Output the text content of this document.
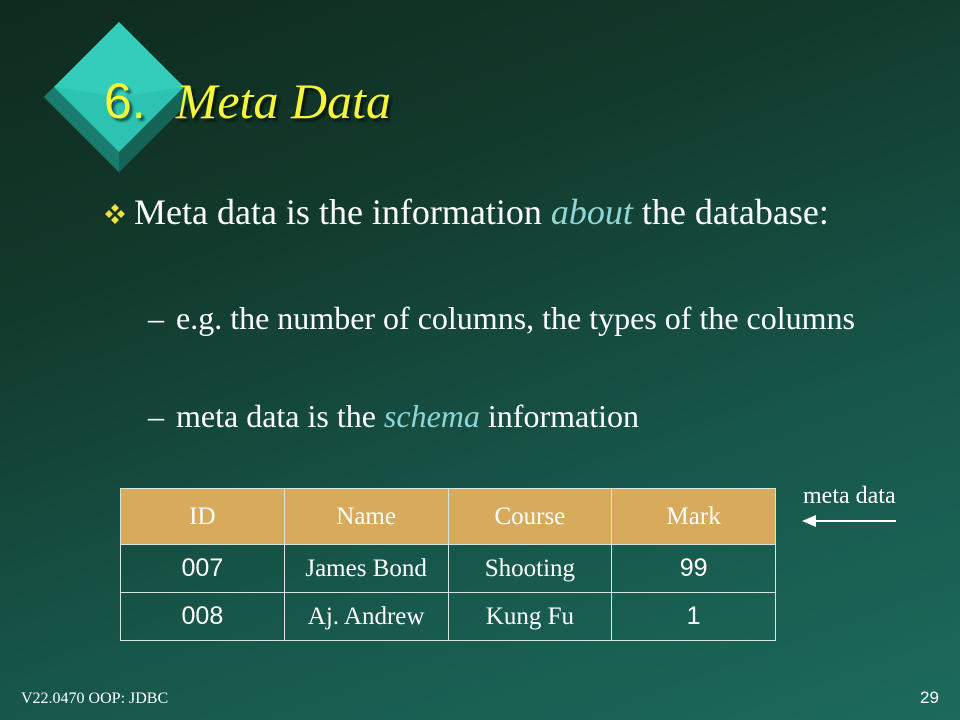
6. Meta Data
Meta data is the information about the database:
– e.g. the number of columns, the types of the columns
– meta data is the schema information
ID	Name	Course	Mark
007	James Bond	Shooting	99
008	Aj. Andrew	Kung Fu	1
meta data
V22.0470 OOP: JDBC	29
